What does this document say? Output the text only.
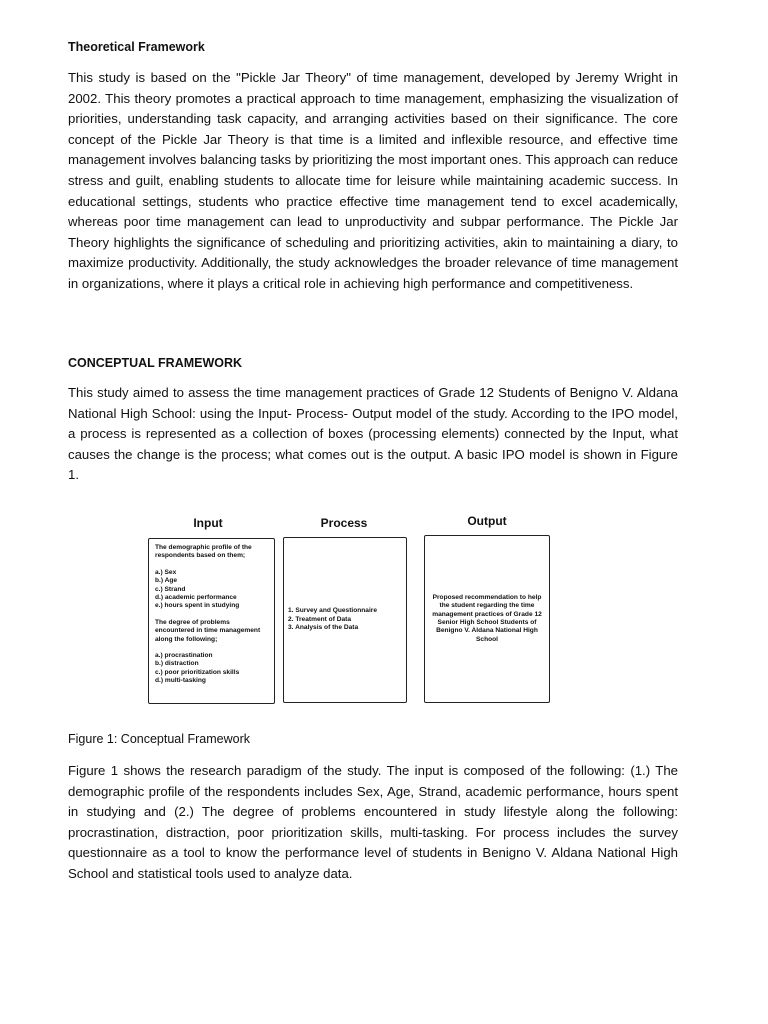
Theoretical Framework

This study is based on the "Pickle Jar Theory" of time management, developed by Jeremy Wright in 2002. This theory promotes a practical approach to time management, emphasizing the visualization of priorities, understanding task capacity, and arranging activities based on their significance. The core concept of the Pickle Jar Theory is that time is a limited and inflexible resource, and effective time management involves balancing tasks by prioritizing the most important ones. This approach can reduce stress and guilt, enabling students to allocate time for leisure while maintaining academic success. In educational settings, students who practice effective time management tend to excel academically, whereas poor time management can lead to unproductivity and subpar performance. The Pickle Jar Theory highlights the significance of scheduling and prioritizing activities, akin to maintaining a diary, to maximize productivity. Additionally, the study acknowledges the broader relevance of time management in organizations, where it plays a critical role in achieving high performance and competitiveness.

CONCEPTUAL FRAMEWORK

This study aimed to assess the time management practices of Grade 12 Students of Benigno V. Aldana National High School: using the Input- Process- Output model of the study. According to the IPO model, a process is represented as a collection of boxes (processing elements) connected by the Input, what causes the change is the process; what comes out is the output. A basic IPO model is shown in Figure 1.

Input	Process	Output

The demographic profile of the respondents based on them;

a.) Sex

b.) Age

c.) Strand

d.) academic performance

e.) hours spent in studying

The degree of problems encountered in time management along the following;

a.) procrastination

b.) distraction

c.) poor prioritization skills

d.) multi-tasking

1. Survey and Questionnaire

2. Treatment of Data

3. Analysis of the Data

Proposed recommendation to help the student regarding the time management practices of Grade 12 Senior High School Students of Benigno V. Aldana National High School

Figure 1: Conceptual Framework

Figure 1 shows the research paradigm of the study. The input is composed of the following: (1.) The demographic profile of the respondents includes Sex, Age, Strand, academic performance, hours spent in studying and (2.) The degree of problems encountered in study lifestyle along the following: procrastination, distraction, poor prioritization skills, multi-tasking. For process includes the survey questionnaire as a tool to know the performance level of students in Benigno V. Aldana National High School and statistical tools used to analyze data.
